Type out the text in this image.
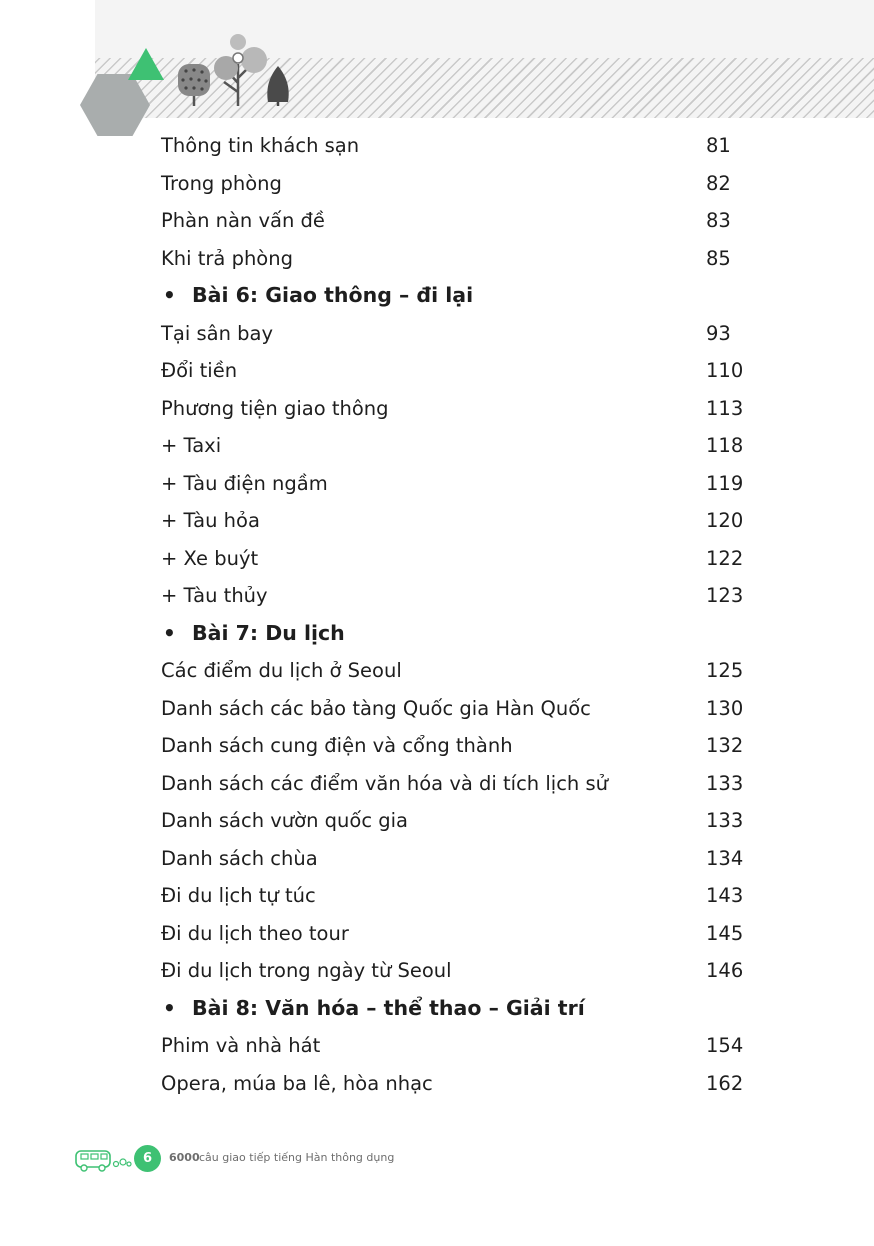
Thông tin khách sạn	81
Trong phòng	82
Phàn nàn vấn đề	83
Khi trả phòng	85
• Bài 6: Giao thông – đi lại
Tại sân bay	93
Đổi tiền	110
Phương tiện giao thông	113
+ Taxi	118
+ Tàu điện ngầm	119
+ Tàu hỏa	120
+ Xe buýt	122
+ Tàu thủy	123
• Bài 7: Du lịch
Các điểm du lịch ở Seoul	125
Danh sách các bảo tàng Quốc gia Hàn Quốc	130
Danh sách cung điện và cổng thành	132
Danh sách các điểm văn hóa và di tích lịch sử	133
Danh sách vườn quốc gia	133
Danh sách chùa	134
Đi du lịch tự túc	143
Đi du lịch theo tour	145
Đi du lịch trong ngày từ Seoul	146
• Bài 8: Văn hóa – thể thao – Giải trí
Phim và nhà hát	154
Opera, múa ba lê, hòa nhạc	162
6	6000 câu giao tiếp tiếng Hàn thông dụng
